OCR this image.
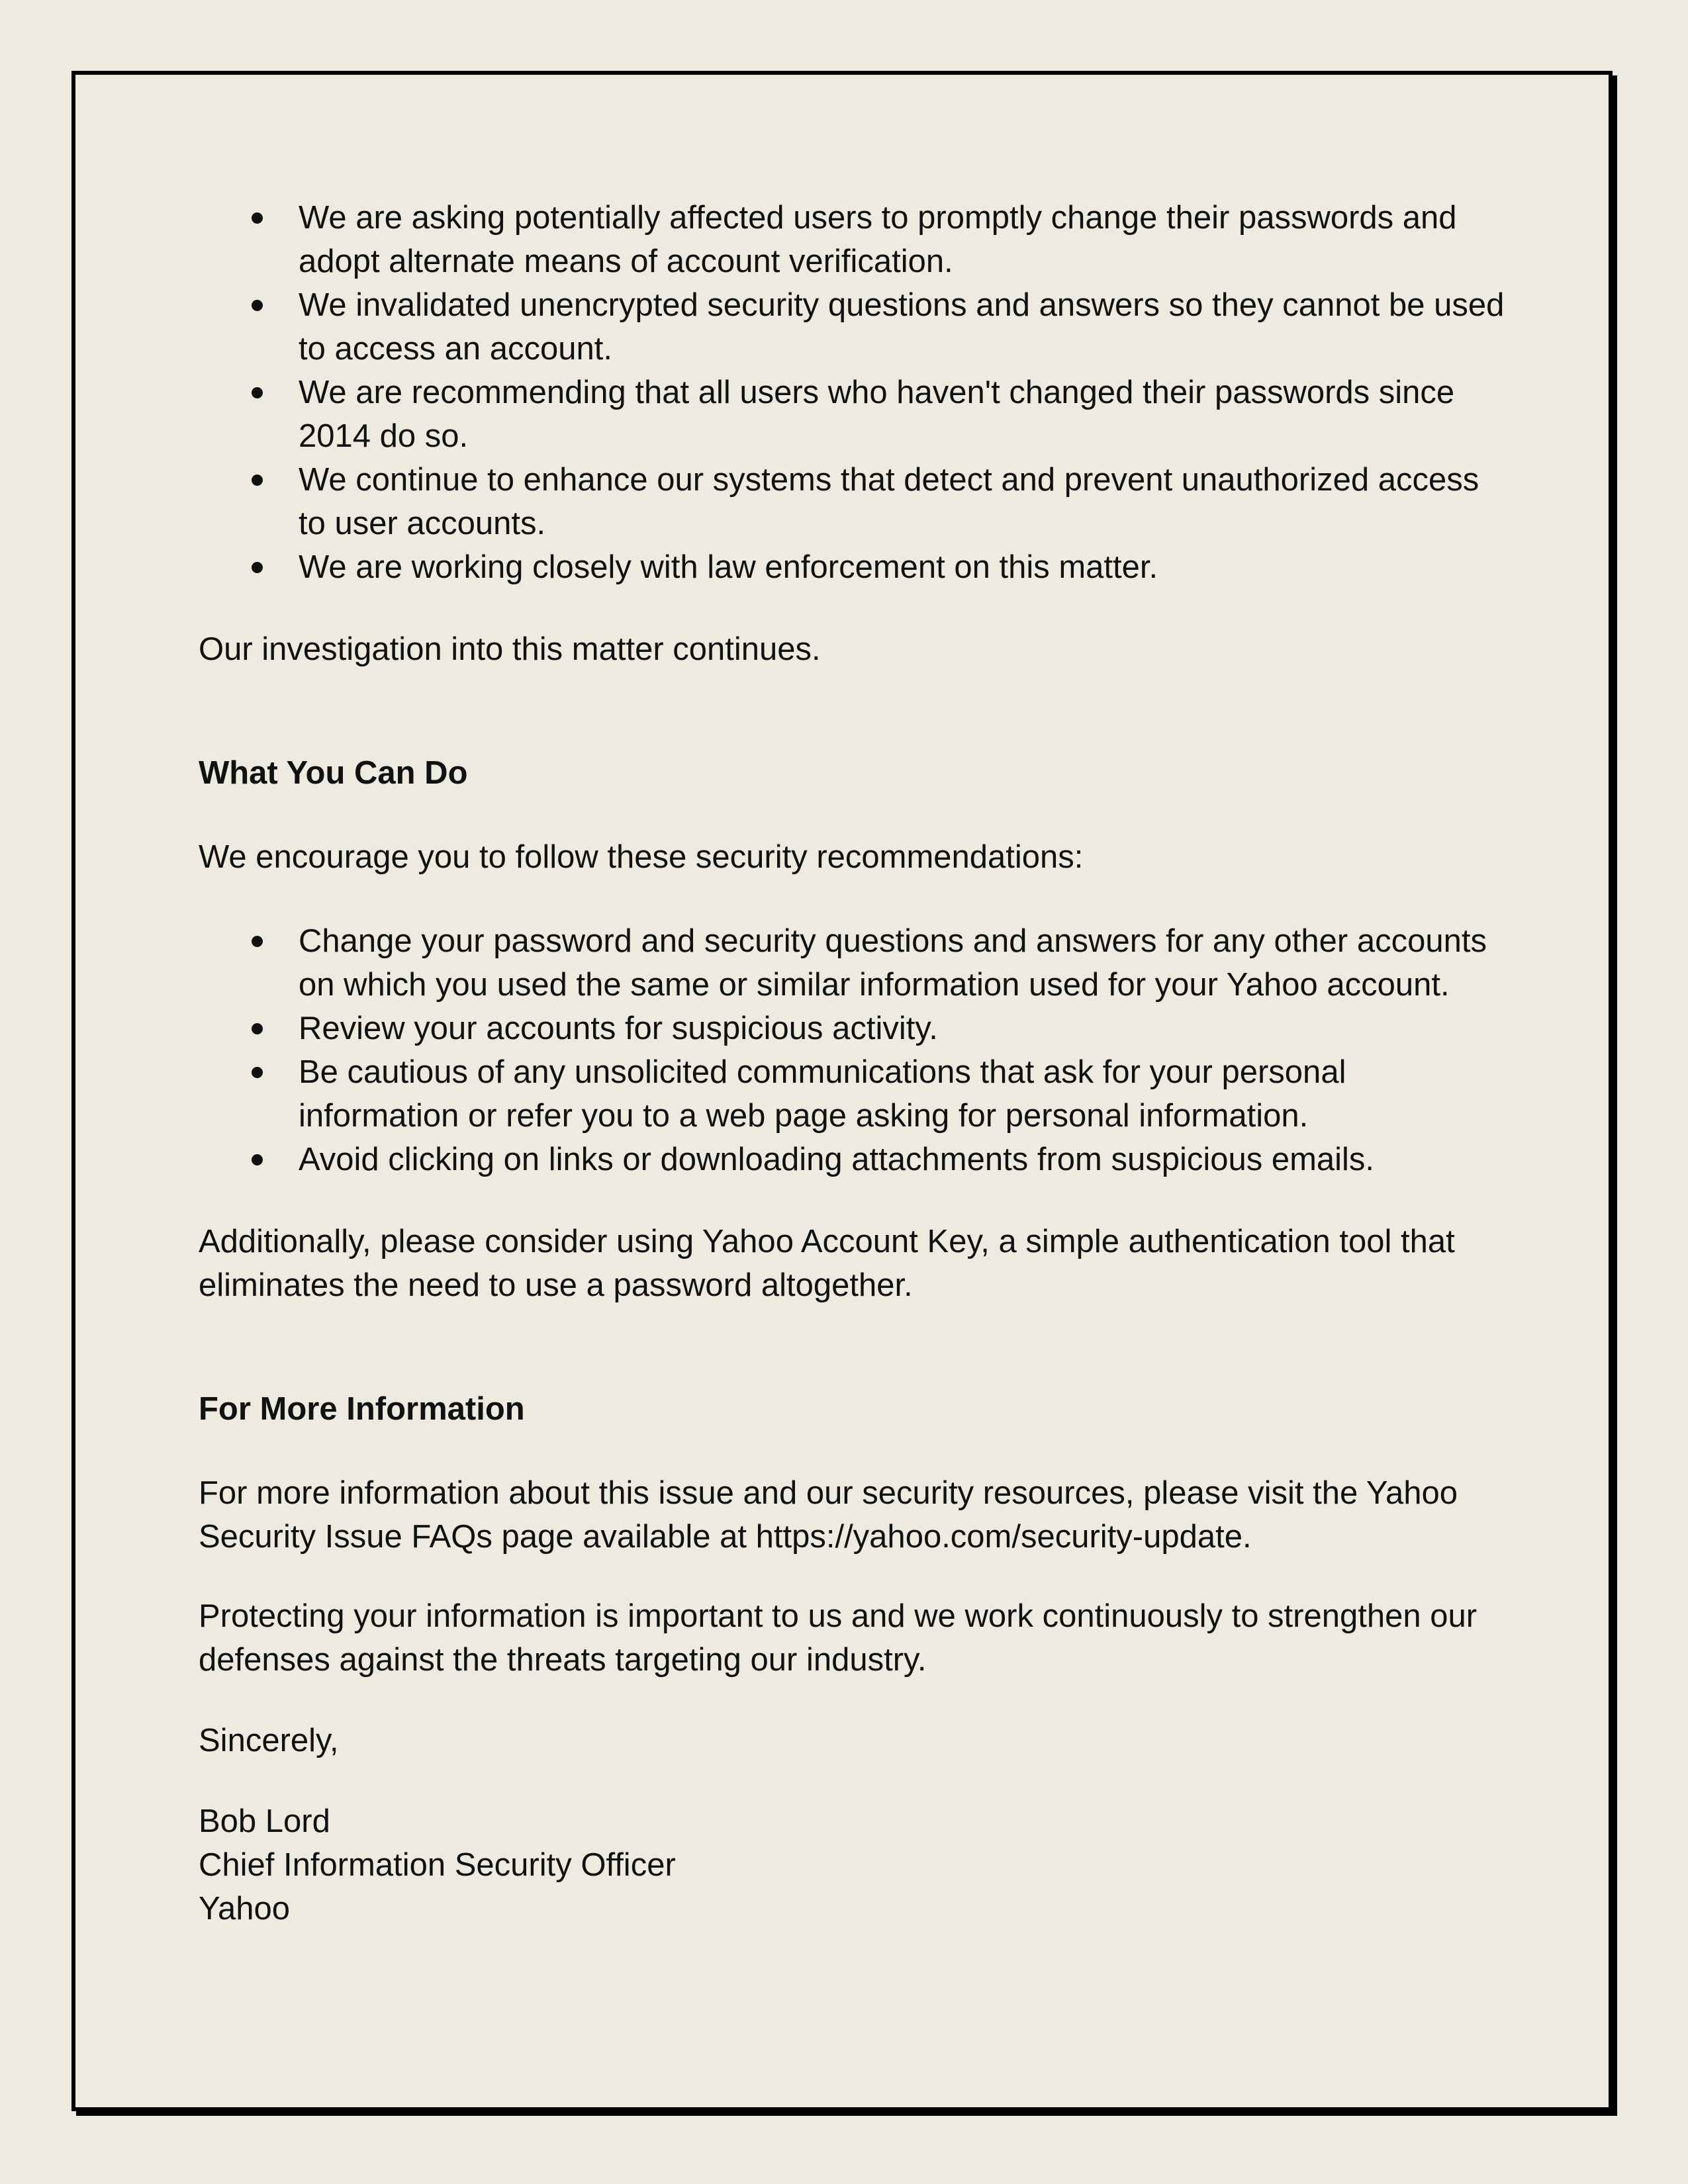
We are asking potentially affected users to promptly change their passwords and adopt alternate means of account verification.
We invalidated unencrypted security questions and answers so they cannot be used to access an account.
We are recommending that all users who haven't changed their passwords since 2014 do so.
We continue to enhance our systems that detect and prevent unauthorized access to user accounts.
We are working closely with law enforcement on this matter.

Our investigation into this matter continues.

What You Can Do

We encourage you to follow these security recommendations:

Change your password and security questions and answers for any other accounts on which you used the same or similar information used for your Yahoo account.
Review your accounts for suspicious activity.
Be cautious of any unsolicited communications that ask for your personal information or refer you to a web page asking for personal information.
Avoid clicking on links or downloading attachments from suspicious emails.

Additionally, please consider using Yahoo Account Key, a simple authentication tool that eliminates the need to use a password altogether.

For More Information

For more information about this issue and our security resources, please visit the Yahoo Security Issue FAQs page available at https://yahoo.com/security-update.

Protecting your information is important to us and we work continuously to strengthen our defenses against the threats targeting our industry.

Sincerely,

Bob Lord

Chief Information Security Officer

Yahoo
